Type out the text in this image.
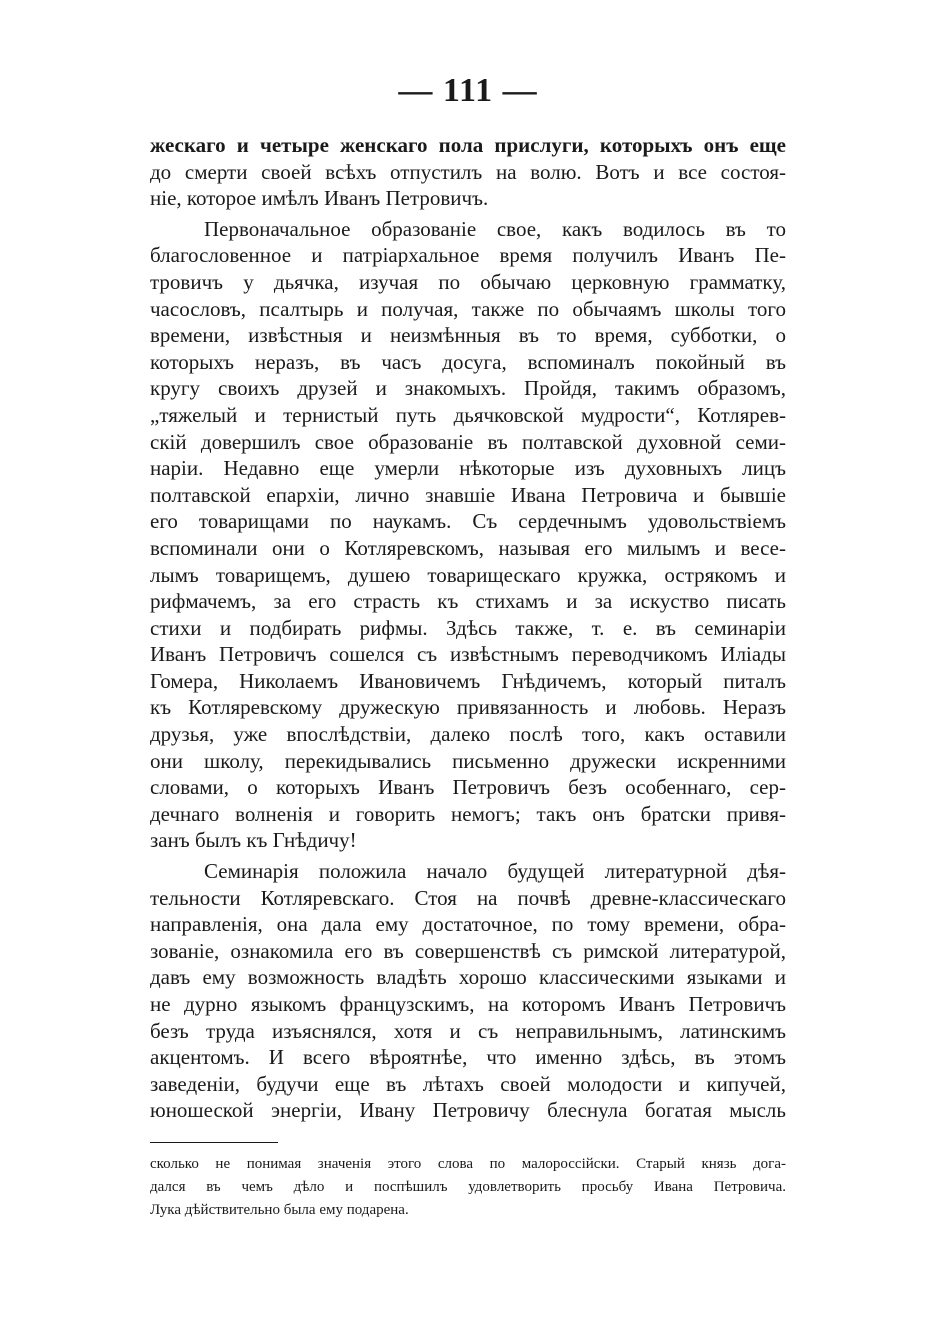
— 111 —
жескаго и четыре женскаго пола прислуги, которыхъ онъ еще
до смерти своей всѣхъ отпустилъ на волю. Вотъ и все состоя-
ніе, которое имѣлъ Иванъ Петровичъ.
Первоначальное образованіе свое, какъ водилось въ то
благословенное и патріархальное время получилъ Иванъ Пе-
тровичъ у дьячка, изучая по обычаю церковную грамматку,
часословъ, псалтырь и получая, также по обычаямъ школы того
времени, извѣстныя и неизмѣнныя въ то время, субботки, о
которыхъ неразъ, въ часъ досуга, вспоминалъ покойный въ
кругу своихъ друзей и знакомыхъ. Пройдя, такимъ образомъ,
„тяжелый и тернистый путь дьячковской мудрости“, Котлярев-
скій довершилъ свое образованіе въ полтавской духовной семи-
наріи. Недавно еще умерли нѣкоторые изъ духовныхъ лицъ
полтавской епархіи, лично знавшіе Ивана Петровича и бывшіе
его товарищами по наукамъ. Съ сердечнымъ удовольствіемъ
вспоминали они о Котляревскомъ, называя его милымъ и весе-
лымъ товарищемъ, душею товарищескаго кружка, острякомъ и
рифмачемъ, за его страсть къ стихамъ и за искуство писать
стихи и подбирать рифмы. Здѣсь также, т. е. въ семинаріи
Иванъ Петровичъ сошелся съ извѣстнымъ переводчикомъ Иліады
Гомера, Николаемъ Ивановичемъ Гнѣдичемъ, который питалъ
къ Котляревскому дружескую привязанность и любовь. Неразъ
друзья, уже впослѣдствіи, далеко послѣ того, какъ оставили
они школу, перекидывались письменно дружески искренними
словами, о которыхъ Иванъ Петровичъ безъ особеннаго, сер-
дечнаго волненія и говорить немогъ; такъ онъ братски привя-
занъ былъ къ Гнѣдичу!
Семинарія положила начало будущей литературной дѣя-
тельности Котляревскаго. Стоя на почвѣ древне-классическаго
направленія, она дала ему достаточное, по тому времени, обра-
зованіе, ознакомила его въ совершенствѣ съ римской литературой,
давъ ему возможность владѣть хорошо классическими языками и
не дурно языкомъ французскимъ, на которомъ Иванъ Петровичъ
безъ труда изъяснялся, хотя и съ неправильнымъ, латинскимъ
акцентомъ. И всего вѣроятнѣе, что именно здѣсь, въ этомъ
заведеніи, будучи еще въ лѣтахъ своей молодости и кипучей,
юношеской энергіи, Ивану Петровичу блеснула богатая мысль
сколько не понимая значенія этого слова по малороссійски. Старый князь дога-
дался въ чемъ дѣло и поспѣшилъ удовлетворить просьбу Ивана Петровича.
Лука дѣйствительно была ему подарена.
